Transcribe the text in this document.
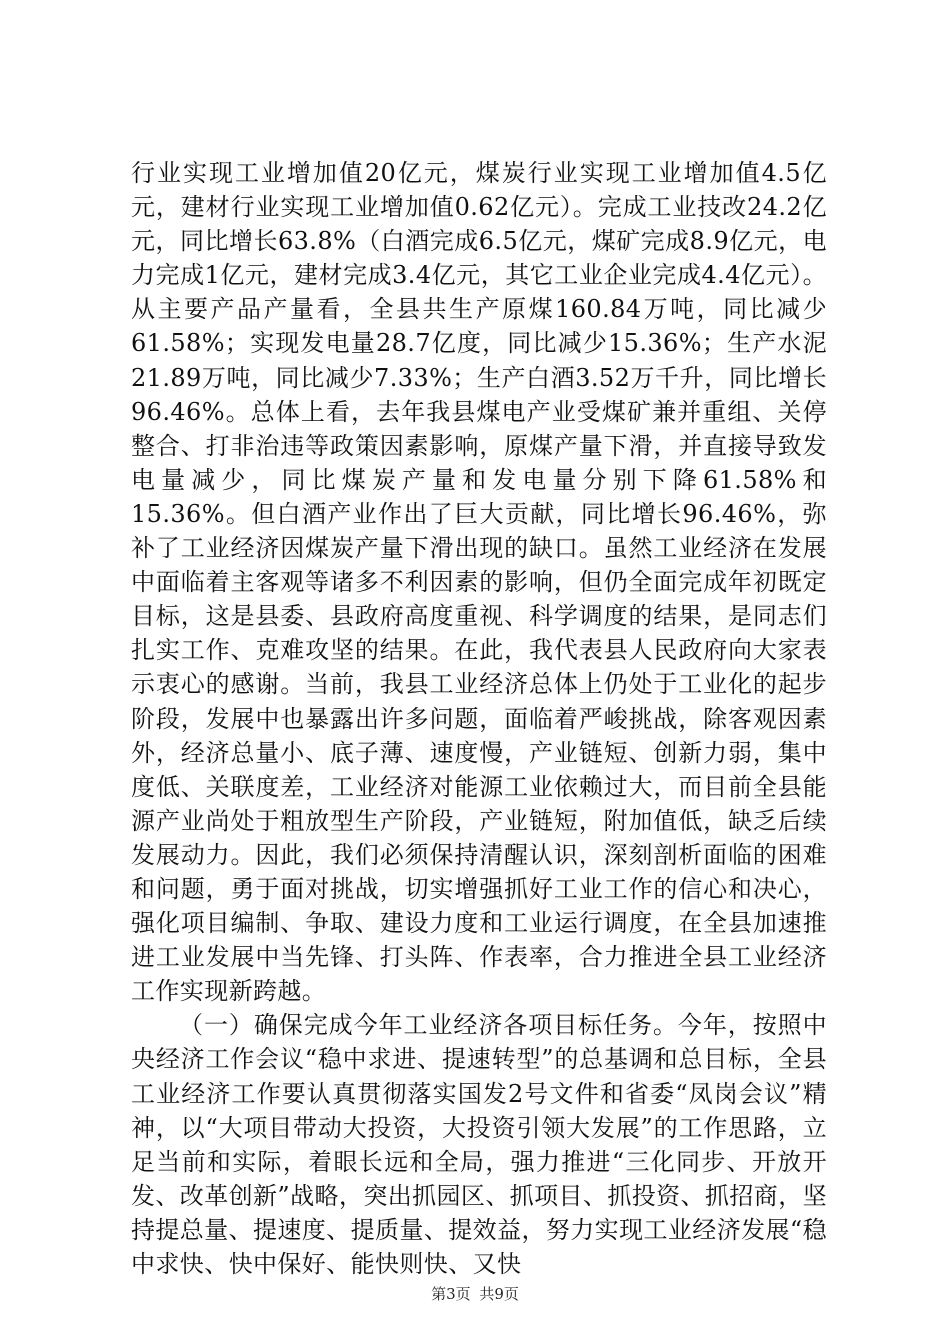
行业实现工业增加值20亿元，煤炭行业实现工业增加值4.5亿元，建材行业实现工业增加值0.62亿元）。完成工业技改24.2亿元，同比增长63.8%（白酒完成6.5亿元，煤矿完成8.9亿元，电力完成1亿元，建材完成3.4亿元，其它工业企业完成4.4亿元）。从主要产品产量看，全县共生产原煤160.84万吨，同比减少61.58%；实现发电量28.7亿度，同比减少15.36%；生产水泥21.89万吨，同比减少7.33%；生产白酒3.52万千升，同比增长96.46%。总体上看，去年我县煤电产业受煤矿兼并重组、关停整合、打非治违等政策因素影响，原煤产量下滑，并直接导致发电量减少，同比煤炭产量和发电量分别下降61.58%和15.36%。但白酒产业作出了巨大贡献，同比增长96.46%，弥补了工业经济因煤炭产量下滑出现的缺口。虽然工业经济在发展中面临着主客观等诸多不利因素的影响，但仍全面完成年初既定目标，这是县委、县政府高度重视、科学调度的结果，是同志们扎实工作、克难攻坚的结果。在此，我代表县人民政府向大家表示衷心的感谢。当前，我县工业经济总体上仍处于工业化的起步阶段，发展中也暴露出许多问题，面临着严峻挑战，除客观因素外，经济总量小、底子薄、速度慢，产业链短、创新力弱，集中度低、关联度差，工业经济对能源工业依赖过大，而目前全县能源产业尚处于粗放型生产阶段，产业链短，附加值低，缺乏后续发展动力。因此，我们必须保持清醒认识，深刻剖析面临的困难和问题，勇于面对挑战，切实增强抓好工业工作的信心和决心，强化项目编制、争取、建设力度和工业运行调度，在全县加速推进工业发展中当先锋、打头阵、作表率，合力推进全县工业经济工作实现新跨越。

（一）确保完成今年工业经济各项目标任务。今年，按照中央经济工作会议“稳中求进、提速转型”的总基调和总目标，全县工业经济工作要认真贯彻落实国发2号文件和省委“凤岗会议”精神，以“大项目带动大投资，大投资引领大发展”的工作思路，立足当前和实际，着眼长远和全局，强力推进“三化同步、开放开发、改革创新”战略，突出抓园区、抓项目、抓投资、抓招商，坚持提总量、提速度、提质量、提效益，努力实现工业经济发展“稳中求快、快中保好、能快则快、又快

第3页 共9页
